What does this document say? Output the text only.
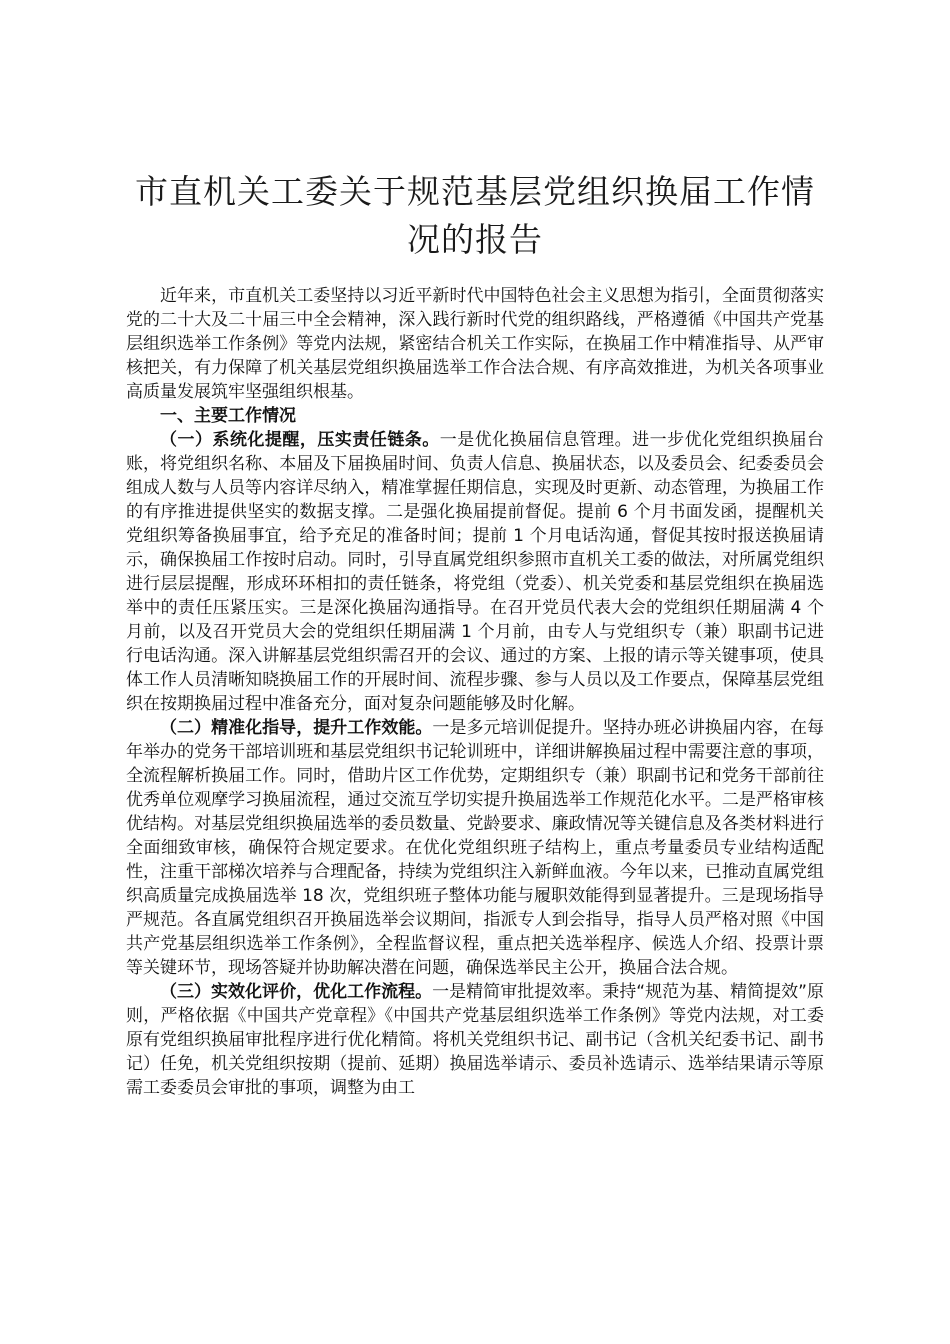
市直机关工委关于规范基层党组织换届工作情况的报告

近年来，市直机关工委坚持以习近平新时代中国特色社会主义思想为指引，全面贯彻落实党的二十大及二十届三中全会精神，深入践行新时代党的组织路线，严格遵循《中国共产党基层组织选举工作条例》等党内法规，紧密结合机关工作实际，在换届工作中精准指导、从严审核把关，有力保障了机关基层党组织换届选举工作合法合规、有序高效推进，为机关各项事业高质量发展筑牢坚强组织根基。

一、主要工作情况

（一）系统化提醒，压实责任链条。一是优化换届信息管理。进一步优化党组织换届台账，将党组织名称、本届及下届换届时间、负责人信息、换届状态，以及委员会、纪委委员会组成人数与人员等内容详尽纳入，精准掌握任期信息，实现及时更新、动态管理，为换届工作的有序推进提供坚实的数据支撑。二是强化换届提前督促。提前 6 个月书面发函，提醒机关党组织筹备换届事宜，给予充足的准备时间；提前 1 个月电话沟通，督促其按时报送换届请示，确保换届工作按时启动。同时，引导直属党组织参照市直机关工委的做法，对所属党组织进行层层提醒，形成环环相扣的责任链条，将党组（党委）、机关党委和基层党组织在换届选举中的责任压紧压实。三是深化换届沟通指导。在召开党员代表大会的党组织任期届满 4 个月前，以及召开党员大会的党组织任期届满 1 个月前，由专人与党组织专（兼）职副书记进行电话沟通。深入讲解基层党组织需召开的会议、通过的方案、上报的请示等关键事项，使具体工作人员清晰知晓换届工作的开展时间、流程步骤、参与人员以及工作要点，保障基层党组织在按期换届过程中准备充分，面对复杂问题能够及时化解。

（二）精准化指导，提升工作效能。一是多元培训促提升。坚持办班必讲换届内容，在每年举办的党务干部培训班和基层党组织书记轮训班中，详细讲解换届过程中需要注意的事项，全流程解析换届工作。同时，借助片区工作优势，定期组织专（兼）职副书记和党务干部前往优秀单位观摩学习换届流程，通过交流互学切实提升换届选举工作规范化水平。二是严格审核优结构。对基层党组织换届选举的委员数量、党龄要求、廉政情况等关键信息及各类材料进行全面细致审核，确保符合规定要求。在优化党组织班子结构上，重点考量委员专业结构适配性，注重干部梯次培养与合理配备，持续为党组织注入新鲜血液。今年以来，已推动直属党组织高质量完成换届选举 18 次，党组织班子整体功能与履职效能得到显著提升。三是现场指导严规范。各直属党组织召开换届选举会议期间，指派专人到会指导，指导人员严格对照《中国共产党基层组织选举工作条例》，全程监督议程，重点把关选举程序、候选人介绍、投票计票等关键环节，现场答疑并协助解决潜在问题，确保选举民主公开，换届合法合规。

（三）实效化评价，优化工作流程。一是精简审批提效率。秉持“规范为基、精简提效”原则，严格依据《中国共产党章程》《中国共产党基层组织选举工作条例》等党内法规，对工委原有党组织换届审批程序进行优化精简。将机关党组织书记、副书记（含机关纪委书记、副书记）任免，机关党组织按期（提前、延期）换届选举请示、委员补选请示、选举结果请示等原需工委委员会审批的事项，调整为由工
